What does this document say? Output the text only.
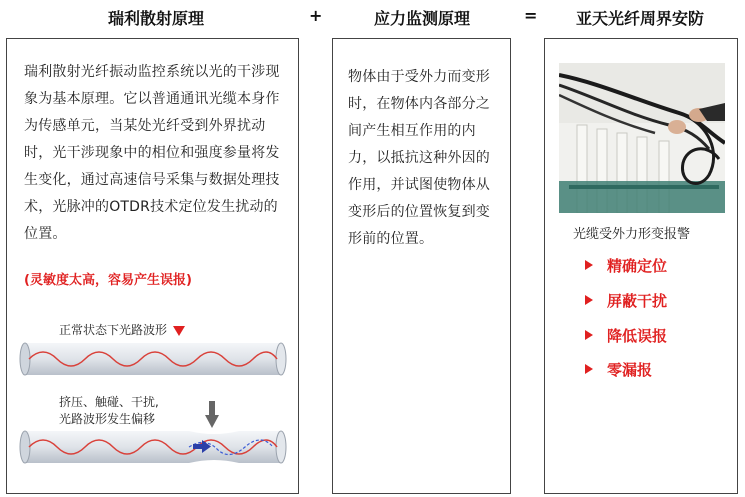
瑞利散射原理	+	应力监测原理	= 亚天光纤周界安防
瑞利散射光纤振动监控系统以光的干涉现象为基本原理。它以普通通讯光缆本身作为传感单元，当某处光纤受到外界扰动时，光干涉现象中的相位和强度参量将发生变化，通过高速信号采集与数据处理技术，光脉冲的OTDR技术定位发生扰动的位置。
(灵敏度太高，容易产生误报)
正常状态下光路波形
挤压、触碰、干扰,
光路波形发生偏移
物体由于受外力而变形时，在物体内各部分之间产生相互作用的内力，以抵抗这种外因的作用，并试图使物体从变形后的位置恢复到变形前的位置。	光缆受外力形变报警
精确定位
屏蔽干扰
降低误报
零漏报
